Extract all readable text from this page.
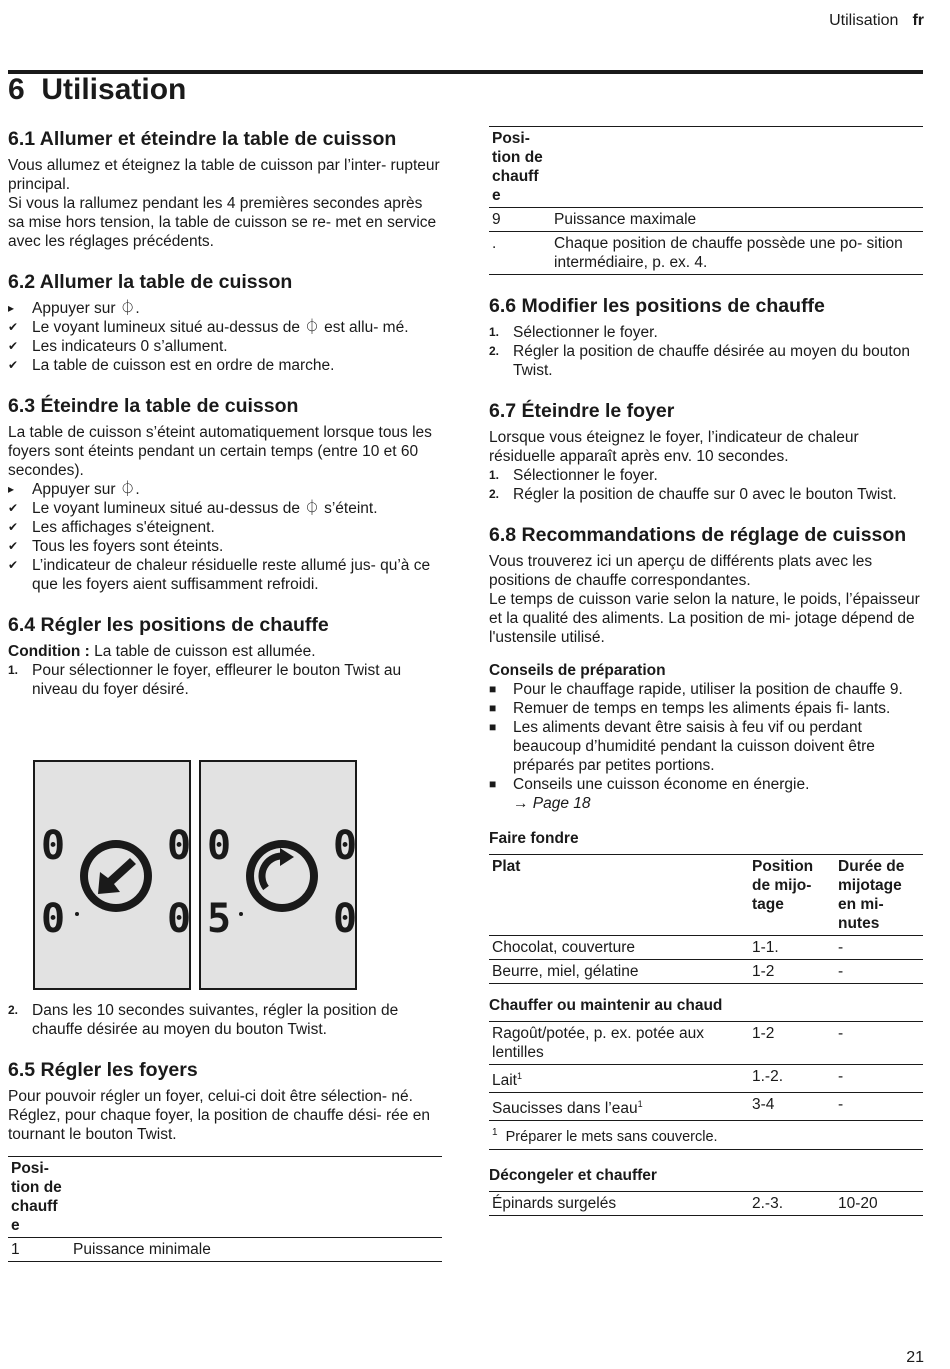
Utilisation fr
6 Utilisation
6.1 Allumer et éteindre la table de cuisson

Vous allumez et éteignez la table de cuisson par l’inter- rupteur principal.

Si vous la rallumez pendant les 4 premières secondes après sa mise hors tension, la table de cuisson se re- met en service avec les réglages précédents.

6.2 Allumer la table de cuisson
▸	Appuyer sur ⏀.
✔ Le voyant lumineux situé au-dessus de ⏀ est allu- mé.
✔ Les indicateurs 0 s’allument.
✔ La table de cuisson est en ordre de marche.
6.3 Éteindre la table de cuisson

La table de cuisson s’éteint automatiquement lorsque tous les foyers sont éteints pendant un certain temps (entre 10 et 60 secondes).

▸	Appuyer sur ⏀.
✔ Le voyant lumineux situé au-dessus de ⏀ s’éteint.
✔ Les affichages s'éteignent.
✔ Tous les foyers sont éteints.
✔ L’indicateur de chaleur résiduelle reste allumé jus- qu’à ce que les foyers aient suffisamment refroidi.
6.4 Régler les positions de chauffe

Condition : La table de cuisson est allumée.

1. Pour sélectionner le foyer, effleurer le bouton Twist au niveau du foyer désiré.
0	0
0	0
0	0
5	0
2. Dans les 10 secondes suivantes, régler la position de chauffe désirée au moyen du bouton Twist.
6.5 Régler les foyers

Pour pouvoir régler un foyer, celui-ci doit être sélection- né.

Réglez, pour chaque foyer, la position de chauffe dési- rée en tournant le bouton Twist.

Posi- tion de chauff e	
1	Puissance minimale
Posi- tion de chauff e	
9	Puissance maximale
.	Chaque position de chauffe possède une po- sition intermédiaire, p. ex. 4.
6.6 Modifier les positions de chauffe
1. Sélectionner le foyer.
2. Régler la position de chauffe désirée au moyen du bouton Twist.
6.7 Éteindre le foyer

Lorsque vous éteignez le foyer, l’indicateur de chaleur résiduelle apparaît après env. 10 secondes.

1. Sélectionner le foyer.
2. Régler la position de chauffe sur 0 avec le bouton Twist.
6.8 Recommandations de réglage de cuisson

Vous trouverez ici un aperçu de différents plats avec les positions de chauffe correspondantes.

Le temps de cuisson varie selon la nature, le poids, l’épaisseur et la qualité des aliments. La position de mi- jotage dépend de l'ustensile utilisé.

Conseils de préparation
■	Pour le chauffage rapide, utiliser la position de chauffe 9.
■	Remuer de temps en temps les aliments épais fi- lants.
■	Les aliments devant être saisis à feu vif ou perdant beaucoup d’humidité pendant la cuisson doivent être préparés par petites portions.
■	Conseils une cuisson économe en énergie.
→ Page 18
Faire fondre
Plat	Position de mijo- tage	Durée de mijotage en mi- nutes
Chocolat, couverture	1-1.	-
Beurre, miel, gélatine	1-2	-
Chauffer ou maintenir au chaud
Ragoût/potée, p. ex. potée aux lentilles	1-2	-
Lait$^1$	1.-2.	-
Saucisses dans l’eau$^1$	3-4	-
$^1$ Préparer le mets sans couvercle.		
Décongeler et chauffer
Épinards surgelés	2.-3.	10-20
21
